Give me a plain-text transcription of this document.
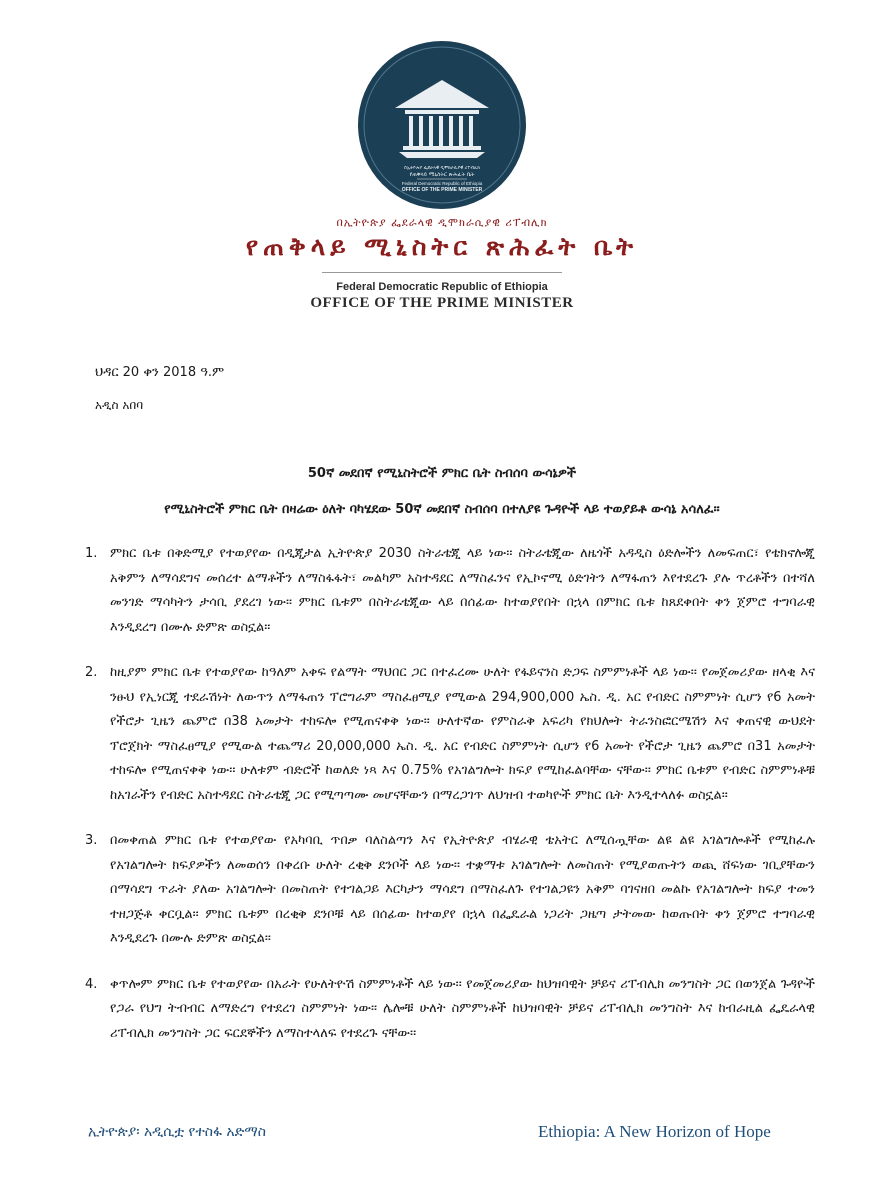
በኢትዮጵያ ፌደራላዊ ዲሞክራሲያዊ ሪፐብሊክ
የጠቅላይ ሚኒስትር ጽሕፈት ቤት
Federal Democratic Republic of Ethiopia
OFFICE OF THE PRIME MINISTER
በኢትዮጵያ ፌደራላዊ ዲሞክራሲያዊ ሪፐብሊክ
የጠቅላይ ሚኒስትር ጽሕፈት ቤት
Federal Democratic Republic of Ethiopia
OFFICE OF THE PRIME MINISTER
ህዳር 20 ቀን 2018 ዓ.ም
አዲስ አበባ
50ኛ መደበኛ የሚኒስትሮች ምክር ቤት ስብሰባ ውሳኔዎች
የሚኒስትሮች ምክር ቤት በዛሬው ዕለት ባካሄደው 50ኛ መደበኛ ስብሰባ በተለያዩ ጉዳዮች ላይ ተወያይቶ ውሳኔ አሳለፈ፡፡
1. ምክር ቤቱ በቅድሚያ የተወያየው በዲጂታል ኢትዮጵያ 2030 ስትራቴጂ ላይ ነው፡፡ ስትራቴጂው ለዜጎች አዳዲስ ዕድሎችን ለመፍጠር፣ የቴክኖሎጂ አቅምን ለማሳደግና መሰረተ ልማቶችን ለማስፋፋት፣ መልካም አስተዳደር ለማስፈንና የኢኮኖሚ ዕድገትን ለማፋጠን እየተደረጉ ያሉ ጥረቶችን በተሻለ መንገድ ማሳካትን ታሳቢ ያደረገ ነው፡፡ ምክር ቤቱም በስትራቴጂው ላይ በሰፊው ከተወያየበት በኋላ በምክር ቤቱ ከጸደቀበት ቀን ጀምሮ ተግባራዊ እንዲደረግ በሙሉ ድምጽ ወስኗል፡፡
2. ከዚያም ምክር ቤቱ የተወያየው ከዓለም አቀፍ የልማት ማህበር ጋር በተፈረሙ ሁለት የፋይናንስ ድጋፍ ስምምነቶች ላይ ነው፡፡ የመጀመሪያው ዘላቂ እና ንፁህ የኢነርጂ ተደራሽነት ለውጥን ለማፋጠን ፕሮግራም ማስፈፀሚያ የሚውል 294,900,000 ኤስ. ዲ. አር የብድር ስምምነት ሲሆን የ6 አመት የችሮታ ጊዜን ጨምሮ በ38 አመታት ተከፍሎ የሚጠናቀቅ ነው፡፡ ሁለተኛው የምስራቅ አፍሪካ የክህሎት ትራንስፎርሜሽን እና ቀጠናዊ ውህደት ፕሮጀክት ማስፈፀሚያ የሚውል ተጨማሪ 20,000,000 ኤስ. ዲ. አር የብድር ስምምነት ሲሆን የ6 አመት የችሮታ ጊዜን ጨምሮ በ31 አመታት ተከፍሎ የሚጠናቀቅ ነው፡፡ ሁለቱም ብድሮች ከወለድ ነጻ እና 0.75% የአገልግሎት ክፍያ የሚከፈልባቸው ናቸው፡፡ ምክር ቤቱም የብድር ስምምነቶቹ ከአገራችን የብድር አስተዳደር ስትራቴጂ ጋር የሚጣጣሙ መሆናቸውን በማረጋገጥ ለህዝብ ተወካዮች ምክር ቤት እንዲተላለፉ ወስኗል።
3. በመቀጠል ምክር ቤቱ የተወያየው የአካባቢ ጥበቃ ባለስልጣን እና የኢትዮጵያ ብሄራዊ ቴአትር ለሚሰጧቸው ልዩ ልዩ አገልግሎቶች የሚከፈሉ የአገልግሎት ክፍያዎችን ለመወሰን በቀረቡ ሁለት ረቂቅ ደንቦች ላይ ነው፡፡ ተቋማቱ አገልግሎት ለመስጠት የሚያወጡትን ወጪ ሸፍነው ገቢያቸውን በማሳደግ ጥራት ያለው አገልግሎት በመስጠት የተገልጋይ እርካታን ማሳደግ በማስፈለጉ የተገልጋዩን አቅም ባገናዘበ መልኩ የአገልግሎት ክፍያ ተመን ተዘጋጅቶ ቀርቧል፡፡ ምክር ቤቱም በረቂቅ ደንቦቹ ላይ በሰፊው ከተወያየ በኋላ በፌዴራል ነጋሪት ጋዜጣ ታትመው ከወጡበት ቀን ጀምሮ ተግባራዊ እንዲደረጉ በሙሉ ድምጽ ወስኗል፡፡
4. ቀጥሎም ምክር ቤቱ የተወያየው በአራት የሁለትዮሽ ስምምነቶች ላይ ነው፡፡ የመጀመሪያው ከህዝባዊት ቻይና ሪፐብሊክ መንግስት ጋር በወንጀል ጉዳዮች የጋራ የህግ ትብብር ለማድረግ የተደረገ ስምምነት ነው፡፡ ሌሎቹ ሁለት ስምምነቶች ከህዝባዊት ቻይና ሪፐብሊክ መንግስት እና ከብራዚል ፌዴራላዊ ሪፐብሊክ መንግስት ጋር ፍርደኞችን ለማስተላለፍ የተደረጉ ናቸው፡፡
ኢትዮጵያ፡ አዲሲቷ የተስፋ አድማስ	Ethiopia: A New Horizon of Hope
